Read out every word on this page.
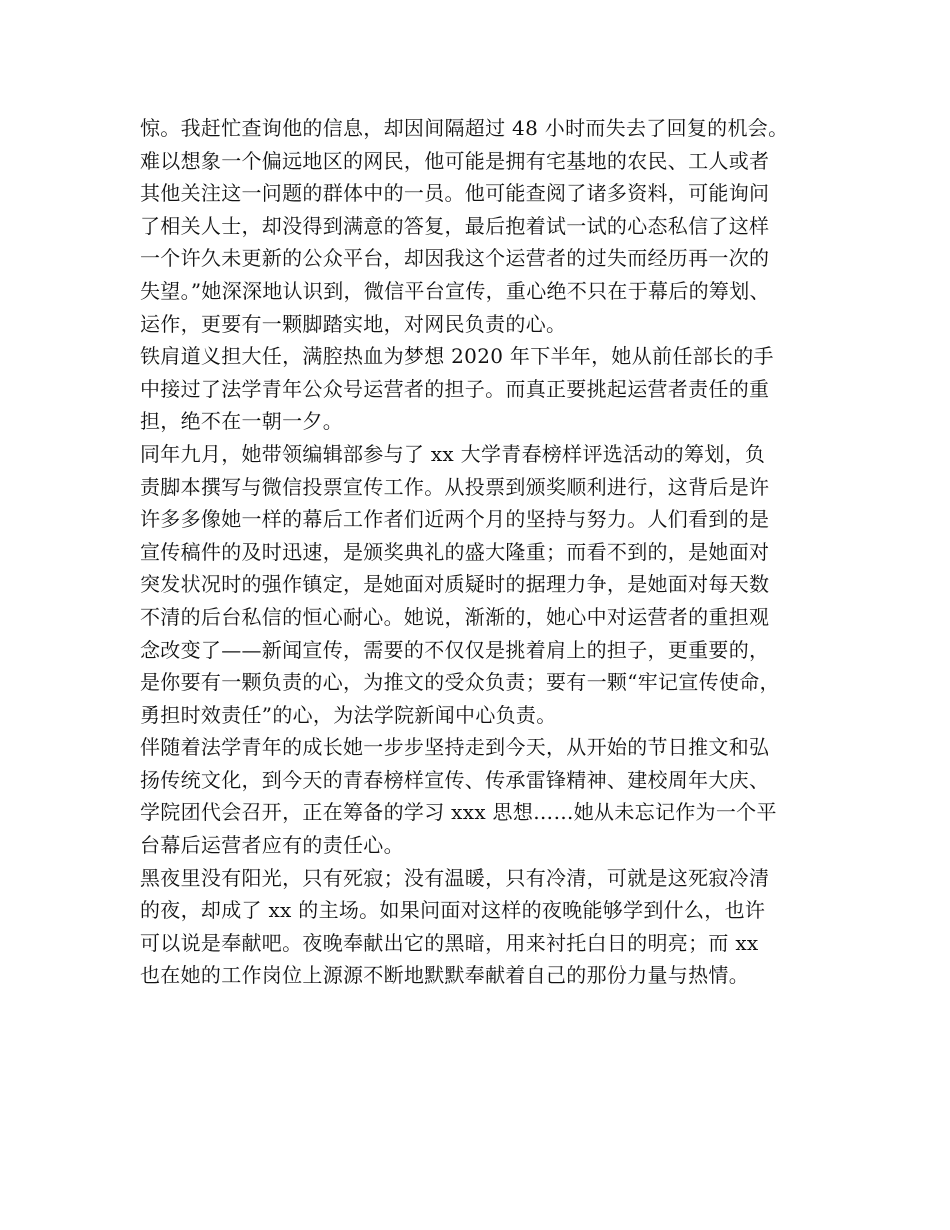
惊。我赶忙查询他的信息，却因间隔超过 48 小时而失去了回复的机会。
难以想象一个偏远地区的网民，他可能是拥有宅基地的农民、工人或者
其他关注这一问题的群体中的一员。他可能查阅了诸多资料，可能询问
了相关人士，却没得到满意的答复，最后抱着试一试的心态私信了这样
一个许久未更新的公众平台，却因我这个运营者的过失而经历再一次的
失望。”她深深地认识到，微信平台宣传，重心绝不只在于幕后的筹划、
运作，更要有一颗脚踏实地，对网民负责的心。
铁肩道义担大任，满腔热血为梦想 2020 年下半年，她从前任部长的手
中接过了法学青年公众号运营者的担子。而真正要挑起运营者责任的重
担，绝不在一朝一夕。
同年九月，她带领编辑部参与了 xx 大学青春榜样评选活动的筹划，负
责脚本撰写与微信投票宣传工作。从投票到颁奖顺利进行，这背后是许
许多多像她一样的幕后工作者们近两个月的坚持与努力。人们看到的是
宣传稿件的及时迅速，是颁奖典礼的盛大隆重；而看不到的，是她面对
突发状况时的强作镇定，是她面对质疑时的据理力争，是她面对每天数
不清的后台私信的恒心耐心。她说，渐渐的，她心中对运营者的重担观
念改变了——新闻宣传，需要的不仅仅是挑着肩上的担子，更重要的，
是你要有一颗负责的心，为推文的受众负责；要有一颗“牢记宣传使命，
勇担时效责任”的心，为法学院新闻中心负责。
伴随着法学青年的成长她一步步坚持走到今天，从开始的节日推文和弘
扬传统文化，到今天的青春榜样宣传、传承雷锋精神、建校周年大庆、
学院团代会召开，正在筹备的学习 xxx 思想……她从未忘记作为一个平
台幕后运营者应有的责任心。
黑夜里没有阳光，只有死寂；没有温暖，只有冷清，可就是这死寂冷清
的夜，却成了 xx 的主场。如果问面对这样的夜晚能够学到什么，也许
可以说是奉献吧。夜晚奉献出它的黑暗，用来衬托白日的明亮；而 xx
也在她的工作岗位上源源不断地默默奉献着自己的那份力量与热情。
